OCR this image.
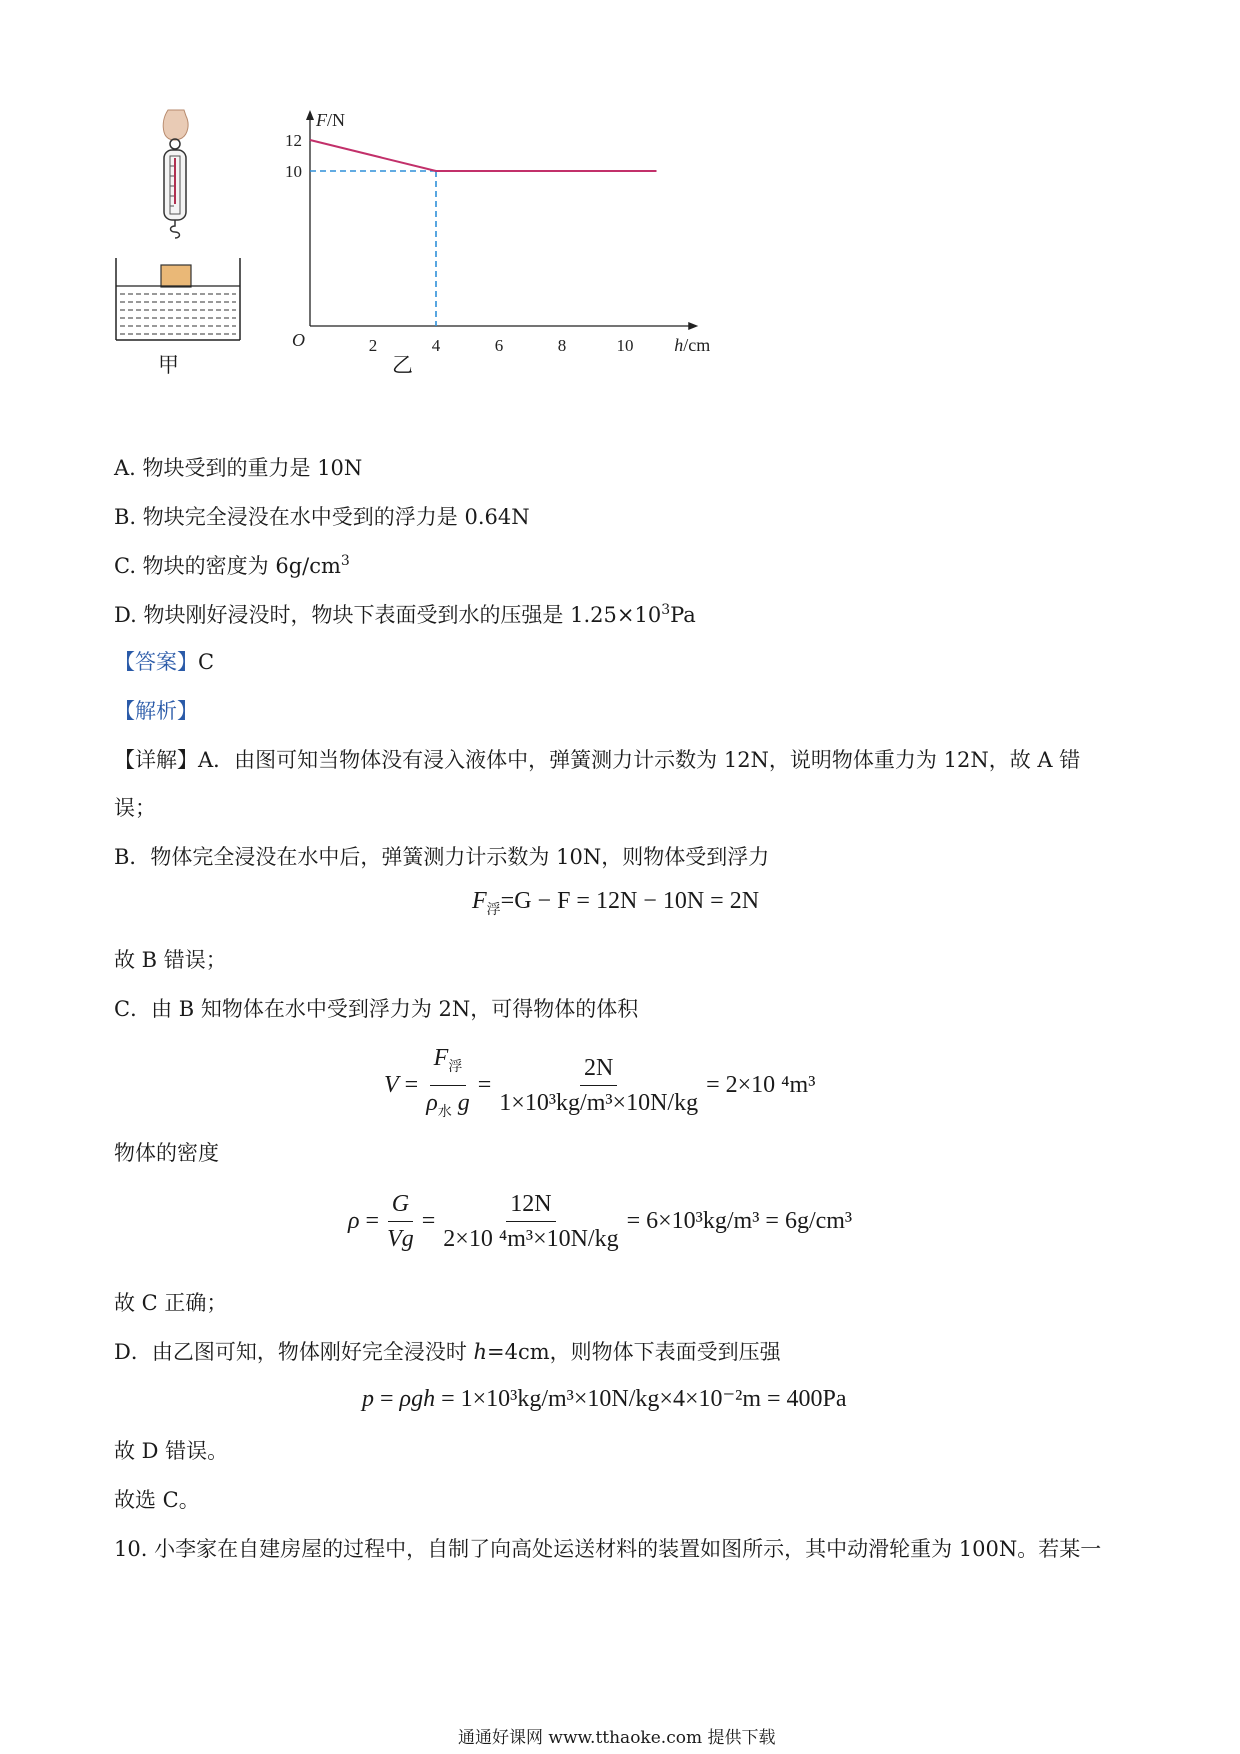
甲
F/N
h/cm
O	2	4	6	8	10
12
10
乙
A. 物块受到的重力是 10N
B. 物块完全浸没在水中受到的浮力是 0.64N
C. 物块的密度为 $6g/cm^3$
D. 物块刚好浸没时，物块下表面受到水的压强是 $1.25\times 10^3Pa$
【答案】C
【解析】
【详解】A．由图可知当物体没有浸入液体中，弹簧测力计示数为 12N，说明物体重力为 12N，故 A 错
误；
B．物体完全浸没在水中后，弹簧测力计示数为 10N，则物体受到浮力
$F_浮=G - F = 12N - 10N = 2N$
故 B 错误；
C．由 B 知物体在水中受到浮力为 2N，可得物体的体积
$V = \frac{F_浮}{\rho_水 g} = \frac{2N}{\text{1×10³kg/m³×10N/kg}} = 2\times 10$ ⁴m³
物体的密度
$\rho = \frac{G}{Vg} = \frac{12N}{\text{2×10 ⁴m³×10N/kg}} = 6\times 10^3kg/m^3 = 6g/cm^3$
故 C 正确；
D．由乙图可知，物体刚好完全浸没时 h=4cm，则物体下表面受到压强
p = ρgh = 1×10³kg/m³×10N/kg×4×10⁻²m = 400Pa
故 D 错误。
故选 C。
10. 小李家在自建房屋的过程中，自制了向高处运送材料的装置如图所示，其中动滑轮重为 100N。若某一
通通好课网 www.tthaoke.com 提供下载
